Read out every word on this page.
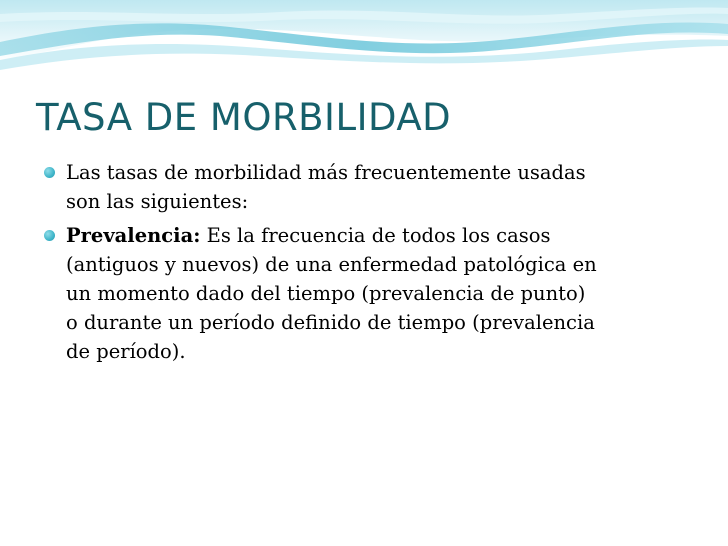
TASA DE MORBILIDAD
Las tasas de morbilidad más frecuentemente usadas
son las siguientes:
Prevalencia: Es la frecuencia de todos los casos
(antiguos y nuevos) de una enfermedad patológica en
un momento dado del tiempo (prevalencia de punto)
o durante un período definido de tiempo (prevalencia
de período).
